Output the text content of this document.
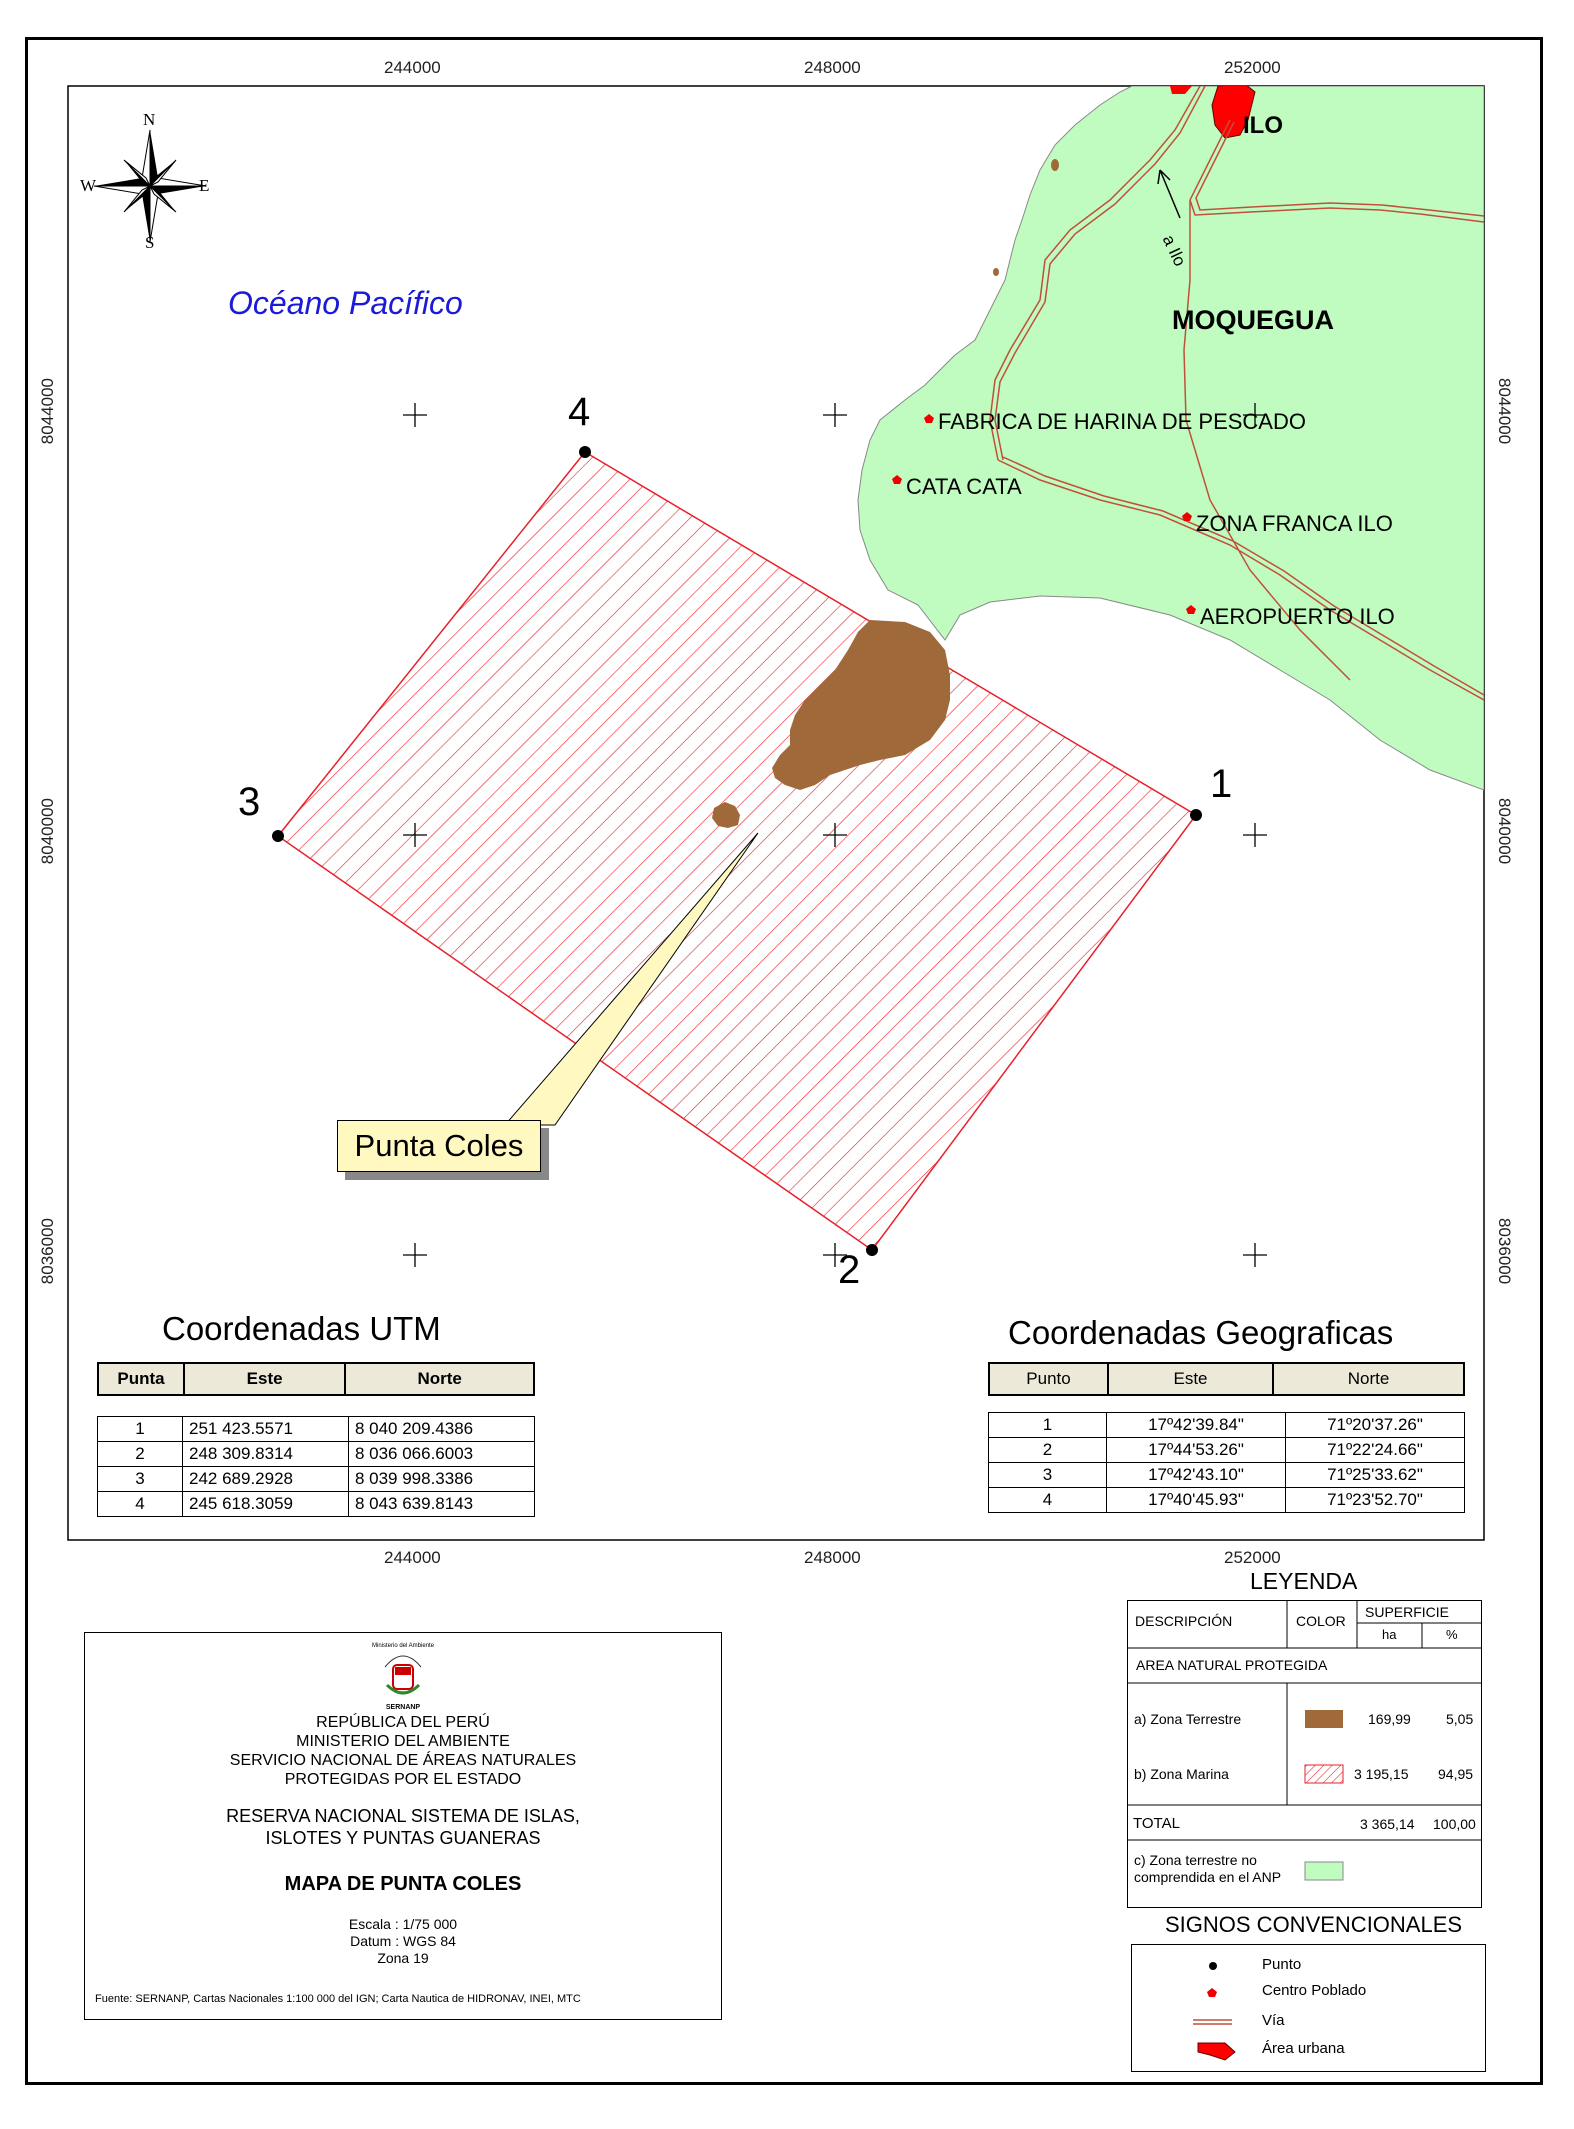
N
S
E
W
244000	248000	252000
244000	248000	252000
8044000
8040000
8036000
8044000
8040000
8036000
Océano Pacífico	MOQUEGUA
ILO
a Ilo
FABRICA DE HARINA DE PESCADO
CATA CATA
ZONA FRANCA ILO
AEROPUERTO ILO
1
2
3
4
Punta Coles
Coordenadas UTM
Punta	Este	Norte
1	251 423.5571	8 040 209.4386
2	248 309.8314	8 036 066.6003
3	242 689.2928	8 039 998.3386
4	245 618.3059	8 043 639.8143
Coordenadas Geograficas
Punto	Este	Norte
1	17º42'39.84"	71º20'37.26"
2	17º44'53.26"	71º22'24.66"
3	17º42'43.10"	71º25'33.62"
4	17º40'45.93"	71º23'52.70"
Ministerio del Ambiente
SERNANP
REPÚBLICA DEL PERÚ
MINISTERIO DEL AMBIENTE
SERVICIO NACIONAL DE ÁREAS NATURALES
PROTEGIDAS POR EL ESTADO
RESERVA NACIONAL SISTEMA DE ISLAS,
ISLOTES Y PUNTAS GUANERAS
MAPA DE PUNTA COLES
Escala : 1/75 000
Datum : WGS 84
Zona 19
Fuente: SERNANP, Cartas Nacionales 1:100 000 del IGN; Carta Nautica de HIDRONAV, INEI, MTC
LEYENDA
DESCRIPCIÓN	COLOR
SUPERFICIE
ha	%
AREA NATURAL PROTEGIDA
a) Zona Terrestre	169,99	5,05
b) Zona Marina	3 195,15 94,95
TOTAL	3 365,14 100,00
c) Zona terrestre no comprendida en el ANP
SIGNOS CONVENCIONALES
Punto
Centro Poblado
Vía
Área urbana
